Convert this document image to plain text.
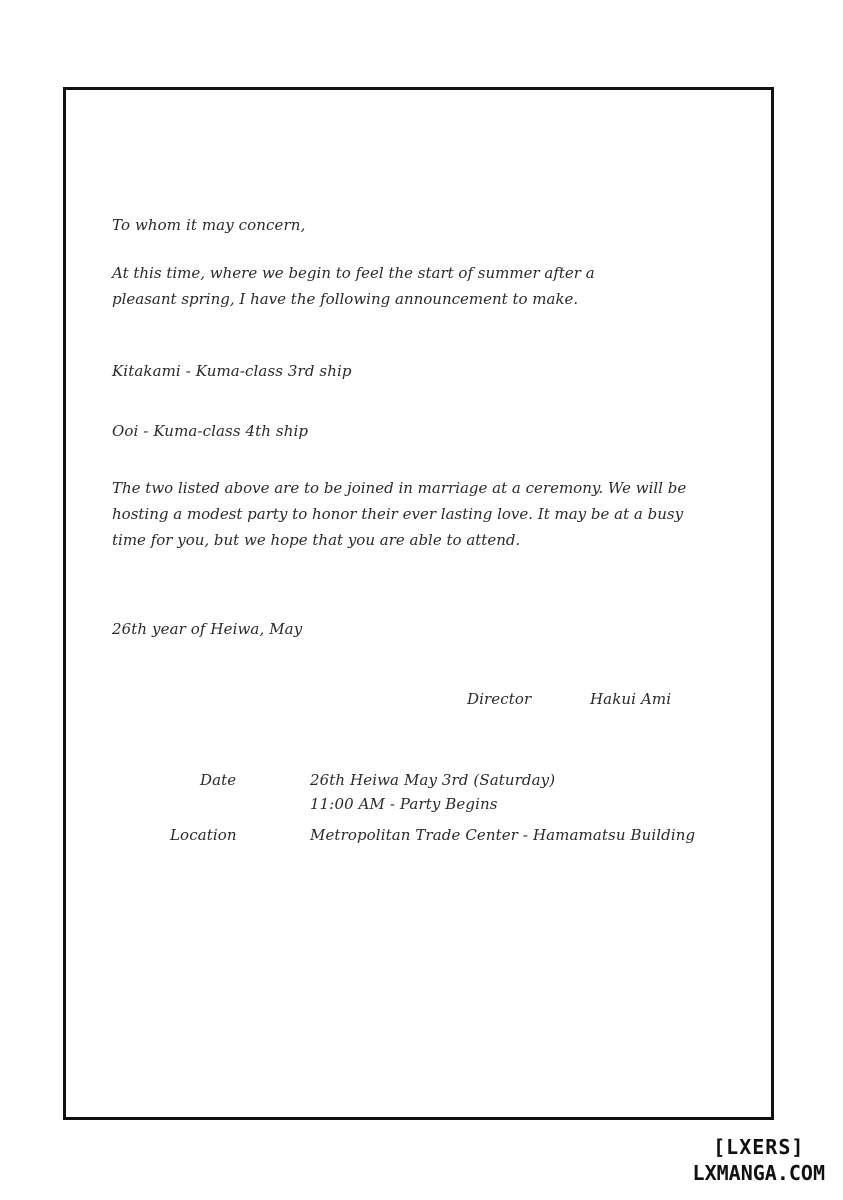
To whom it may concern,
At this time, where we begin to feel the start of summer after a
pleasant spring, I have the following announcement to make.
Kitakami - Kuma-class 3rd ship
Ooi - Kuma-class 4th ship
The two listed above are to be joined in marriage at a ceremony. We will be
hosting a modest party to honor their ever lasting love. It may be at a busy
time for you, but we hope that you are able to attend.
26th year of Heiwa, May
Director	Hakui Ami
Date	26th Heiwa May 3rd (Saturday)
11:00 AM - Party Begins
Location	Metropolitan Trade Center - Hamamatsu Building
[LXERS]
LXMANGA.COM
